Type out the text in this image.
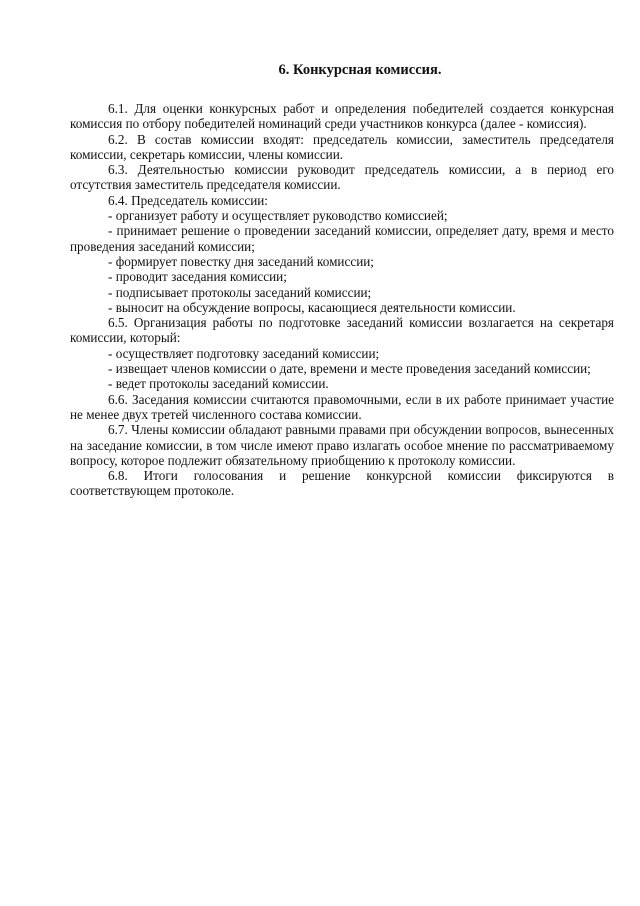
6. Конкурсная комиссия.

6.1. Для оценки конкурсных работ и определения победителей создается конкурсная комиссия по отбору победителей номинаций среди участников конкурса (далее - комиссия).

6.2. В состав комиссии входят: председатель комиссии, заместитель председателя комиссии, секретарь комиссии, члены комиссии.

6.3. Деятельностью комиссии руководит председатель комиссии, а в период его отсутствия заместитель председателя комиссии.

6.4. Председатель комиссии:

- организует работу и осуществляет руководство комиссией;

- принимает решение о проведении заседаний комиссии, определяет дату, время и место проведения заседаний комиссии;

- формирует повестку дня заседаний комиссии;

- проводит заседания комиссии;

- подписывает протоколы заседаний комиссии;

- выносит на обсуждение вопросы, касающиеся деятельности комиссии.

6.5. Организация работы по подготовке заседаний комиссии возлагается на секретаря комиссии, который:

- осуществляет подготовку заседаний комиссии;

- извещает членов комиссии о дате, времени и месте проведения заседаний комиссии;

- ведет протоколы заседаний комиссии.

6.6. Заседания комиссии считаются правомочными, если в их работе принимает участие не менее двух третей численного состава комиссии.

6.7. Члены комиссии обладают равными правами при обсуждении вопросов, вынесенных на заседание комиссии, в том числе имеют право излагать особое мнение по рассматриваемому вопросу, которое подлежит обязательному приобщению к протоколу комиссии.

6.8. Итоги голосования и решение конкурсной комиссии фиксируются в соответствующем протоколе.
